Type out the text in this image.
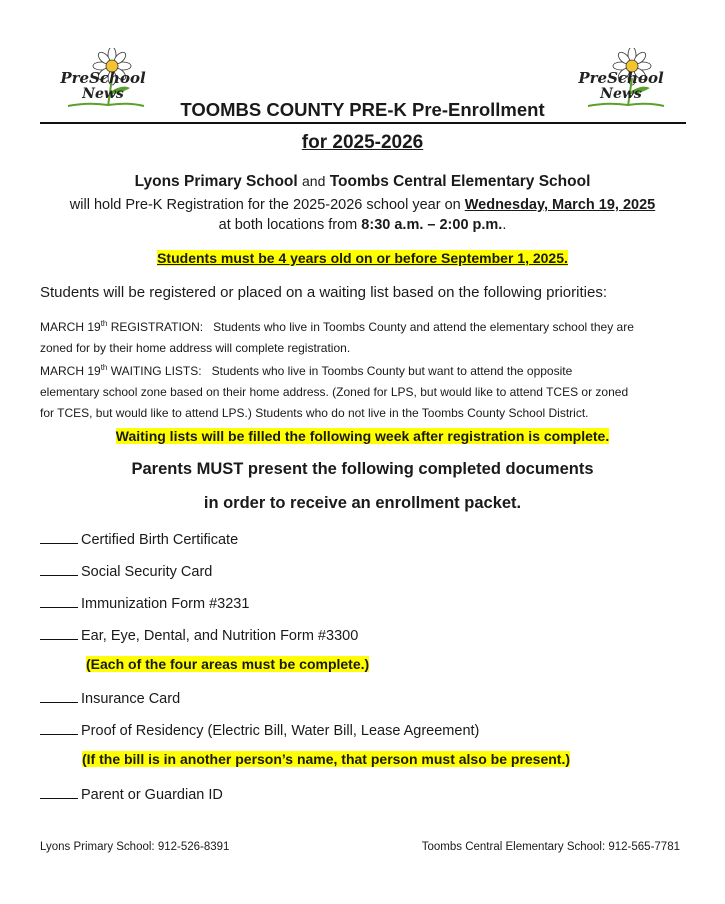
PreSchool
News
PreSchool
News
TOOMBS COUNTY PRE-K Pre-Enrollment
for 2025-2026
Lyons Primary School and Toombs Central Elementary School
will hold Pre-K Registration for the 2025-2026 school year on Wednesday, March 19, 2025
at both locations from 8:30 a.m. – 2:00 p.m..
Students must be 4 years old on or before September 1, 2025.
Students will be registered or placed on a waiting list based on the following priorities:
MARCH 19th REGISTRATION: Students who live in Toombs County and attend the elementary school they are
zoned for by their home address will complete registration.
MARCH 19th WAITING LISTS: Students who live in Toombs County but want to attend the opposite
elementary school zone based on their home address. (Zoned for LPS, but would like to attend TCES or zoned
for TCES, but would like to attend LPS.) Students who do not live in the Toombs County School District.
Waiting lists will be filled the following week after registration is complete.
Parents MUST present the following completed documents
in order to receive an enrollment packet.
Certified Birth Certificate
Social Security Card
Immunization Form #3231
Ear, Eye, Dental, and Nutrition Form #3300
(Each of the four areas must be complete.)
Insurance Card
Proof of Residency (Electric Bill, Water Bill, Lease Agreement)
(If the bill is in another person’s name, that person must also be present.)
Parent or Guardian ID
Lyons Primary School: 912-526-8391	Toombs Central Elementary School: 912-565-7781
